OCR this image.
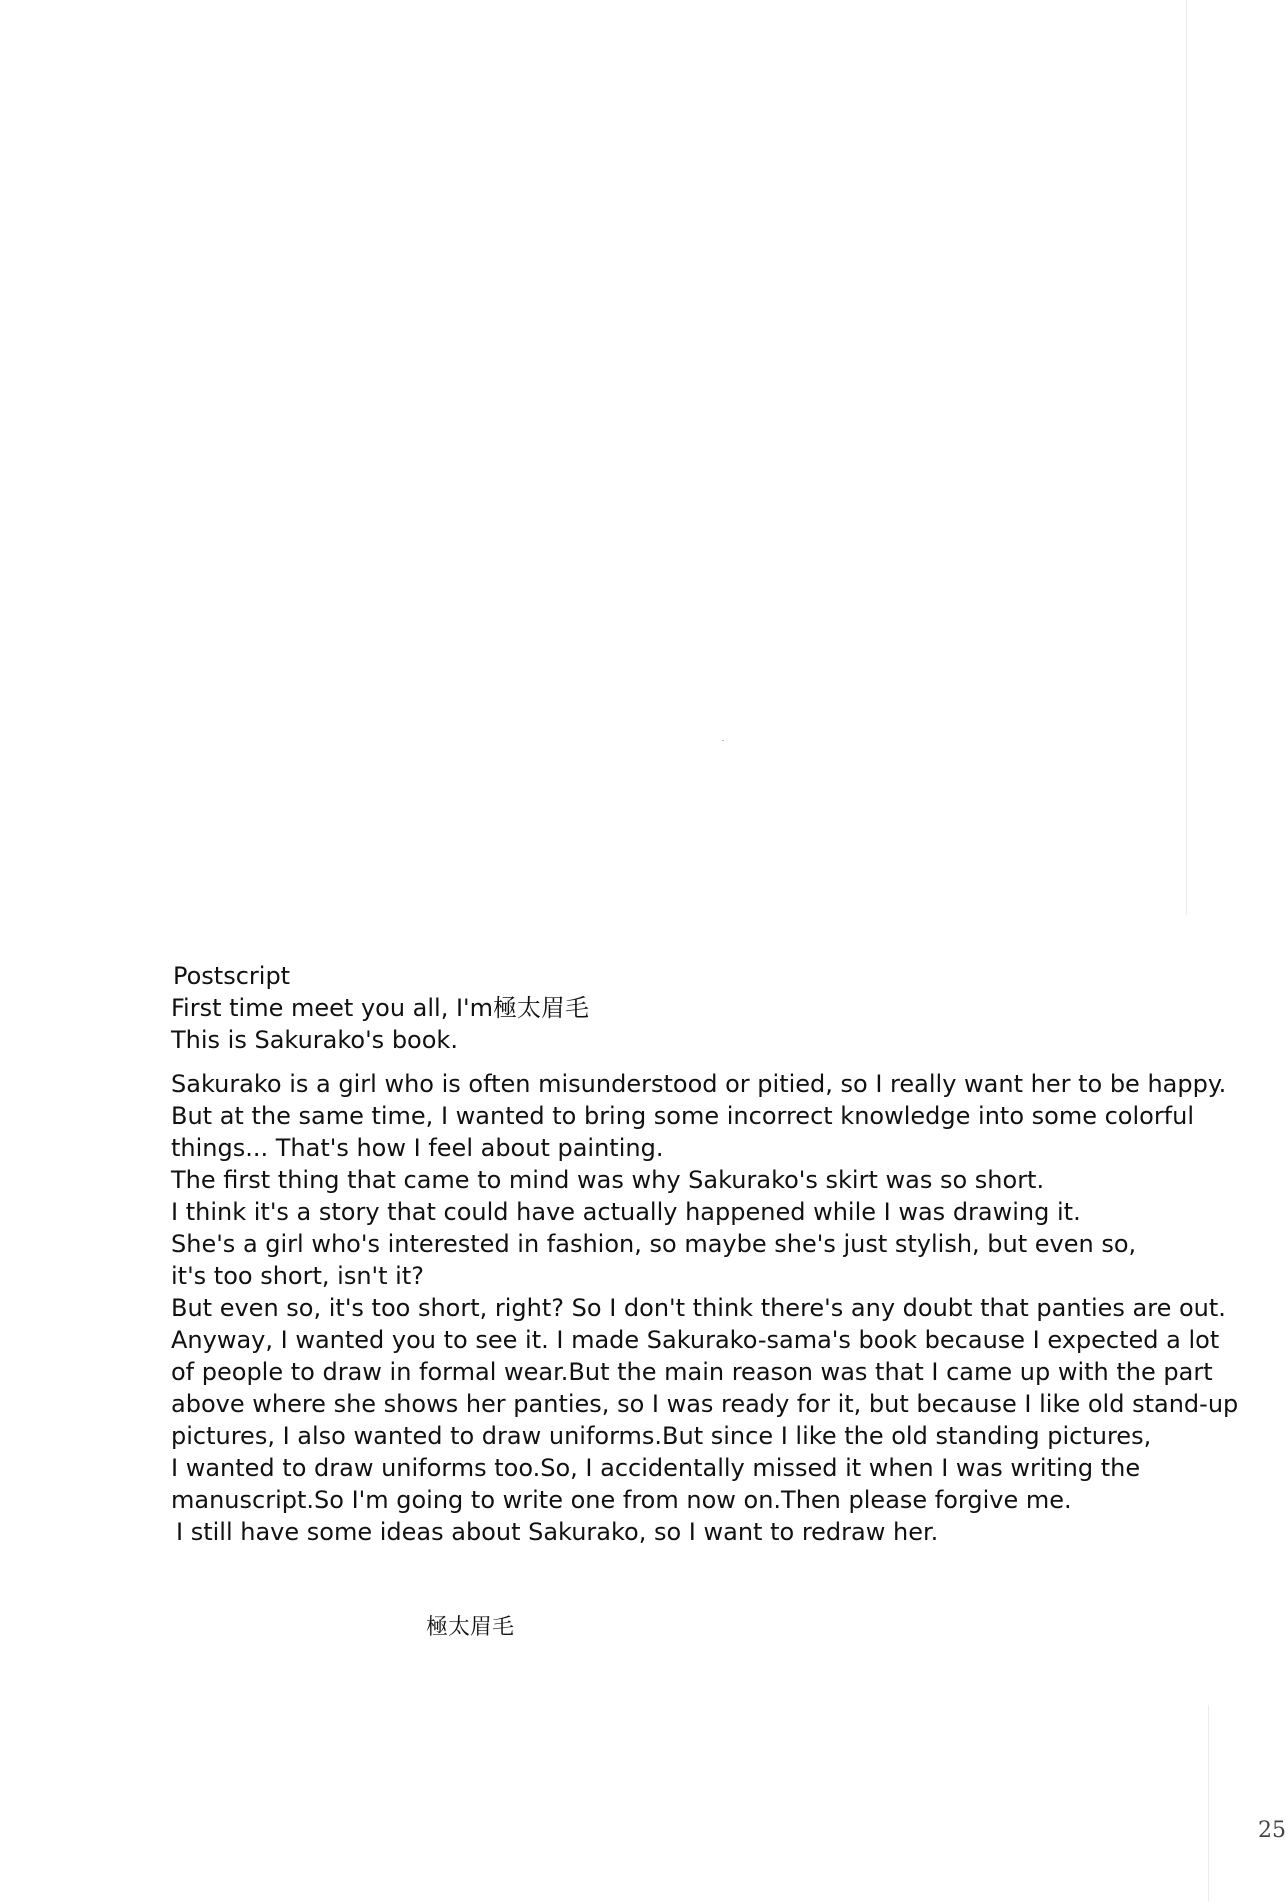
Postscript
First time meet you all, I'm極太眉毛
This is Sakurako's book.
Sakurako is a girl who is often misunderstood or pitied, so I really want her to be happy.
But at the same time, I wanted to bring some incorrect knowledge into some colorful
things... That's how I feel about painting.
The first thing that came to mind was why Sakurako's skirt was so short.
I think it's a story that could have actually happened while I was drawing it.
She's a girl who's interested in fashion, so maybe she's just stylish, but even so,
it's too short, isn't it?
But even so, it's too short, right? So I don't think there's any doubt that panties are out.
Anyway, I wanted you to see it. I made Sakurako-sama's book because I expected a lot
of people to draw in formal wear.But the main reason was that I came up with the part
above where she shows her panties, so I was ready for it, but because I like old stand-up
pictures, I also wanted to draw uniforms.But since I like the old standing pictures,
I wanted to draw uniforms too.So, I accidentally missed it when I was writing the
manuscript.So I'm going to write one from now on.Then please forgive me.
I still have some ideas about Sakurako, so I want to redraw her.
極太眉毛
25
